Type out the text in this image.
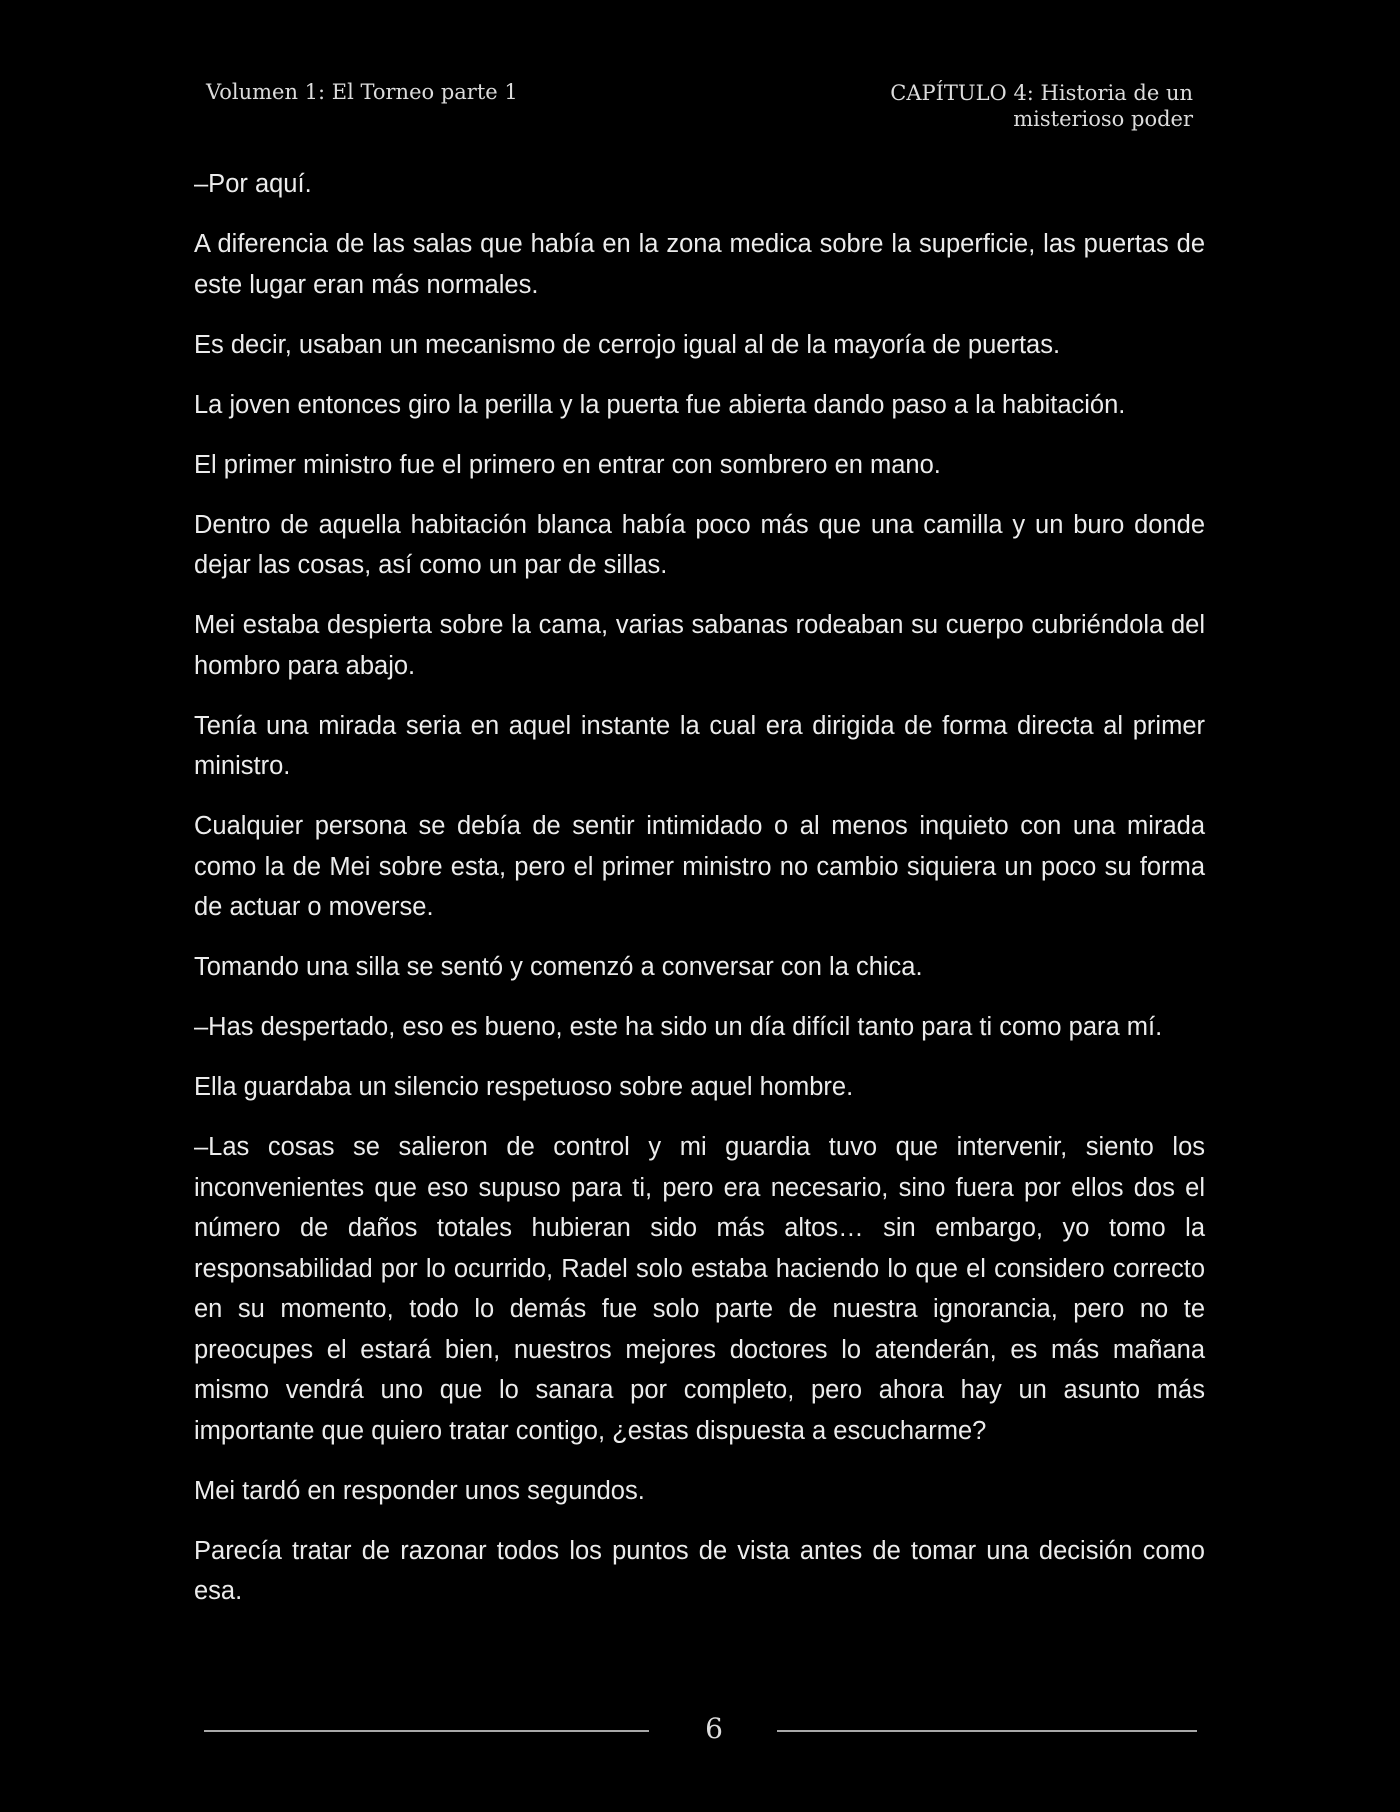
Volumen 1: El Torneo parte 1	CAPÍTULO 4: Historia de un
misterioso poder

–Por aquí.

A diferencia de las salas que había en la zona medica sobre la superficie, las puertas de este lugar eran más normales.

Es decir, usaban un mecanismo de cerrojo igual al de la mayoría de puertas.

La joven entonces giro la perilla y la puerta fue abierta dando paso a la habitación.

El primer ministro fue el primero en entrar con sombrero en mano.

Dentro de aquella habitación blanca había poco más que una camilla y un buro donde dejar las cosas, así como un par de sillas.

Mei estaba despierta sobre la cama, varias sabanas rodeaban su cuerpo cubriéndola del hombro para abajo.

Tenía una mirada seria en aquel instante la cual era dirigida de forma directa al primer ministro.

Cualquier persona se debía de sentir intimidado o al menos inquieto con una mirada como la de Mei sobre esta, pero el primer ministro no cambio siquiera un poco su forma de actuar o moverse.

Tomando una silla se sentó y comenzó a conversar con la chica.

–Has despertado, eso es bueno, este ha sido un día difícil tanto para ti como para mí.

Ella guardaba un silencio respetuoso sobre aquel hombre.

–Las cosas se salieron de control y mi guardia tuvo que intervenir, siento los inconvenientes que eso supuso para ti, pero era necesario, sino fuera por ellos dos el número de daños totales hubieran sido más altos… sin embargo, yo tomo la responsabilidad por lo ocurrido, Radel solo estaba haciendo lo que el considero correcto en su momento, todo lo demás fue solo parte de nuestra ignorancia, pero no te preocupes el estará bien, nuestros mejores doctores lo atenderán, es más mañana mismo vendrá uno que lo sanara por completo, pero ahora hay un asunto más importante que quiero tratar contigo, ¿estas dispuesta a escucharme?

Mei tardó en responder unos segundos.

Parecía tratar de razonar todos los puntos de vista antes de tomar una decisión como esa.

6
